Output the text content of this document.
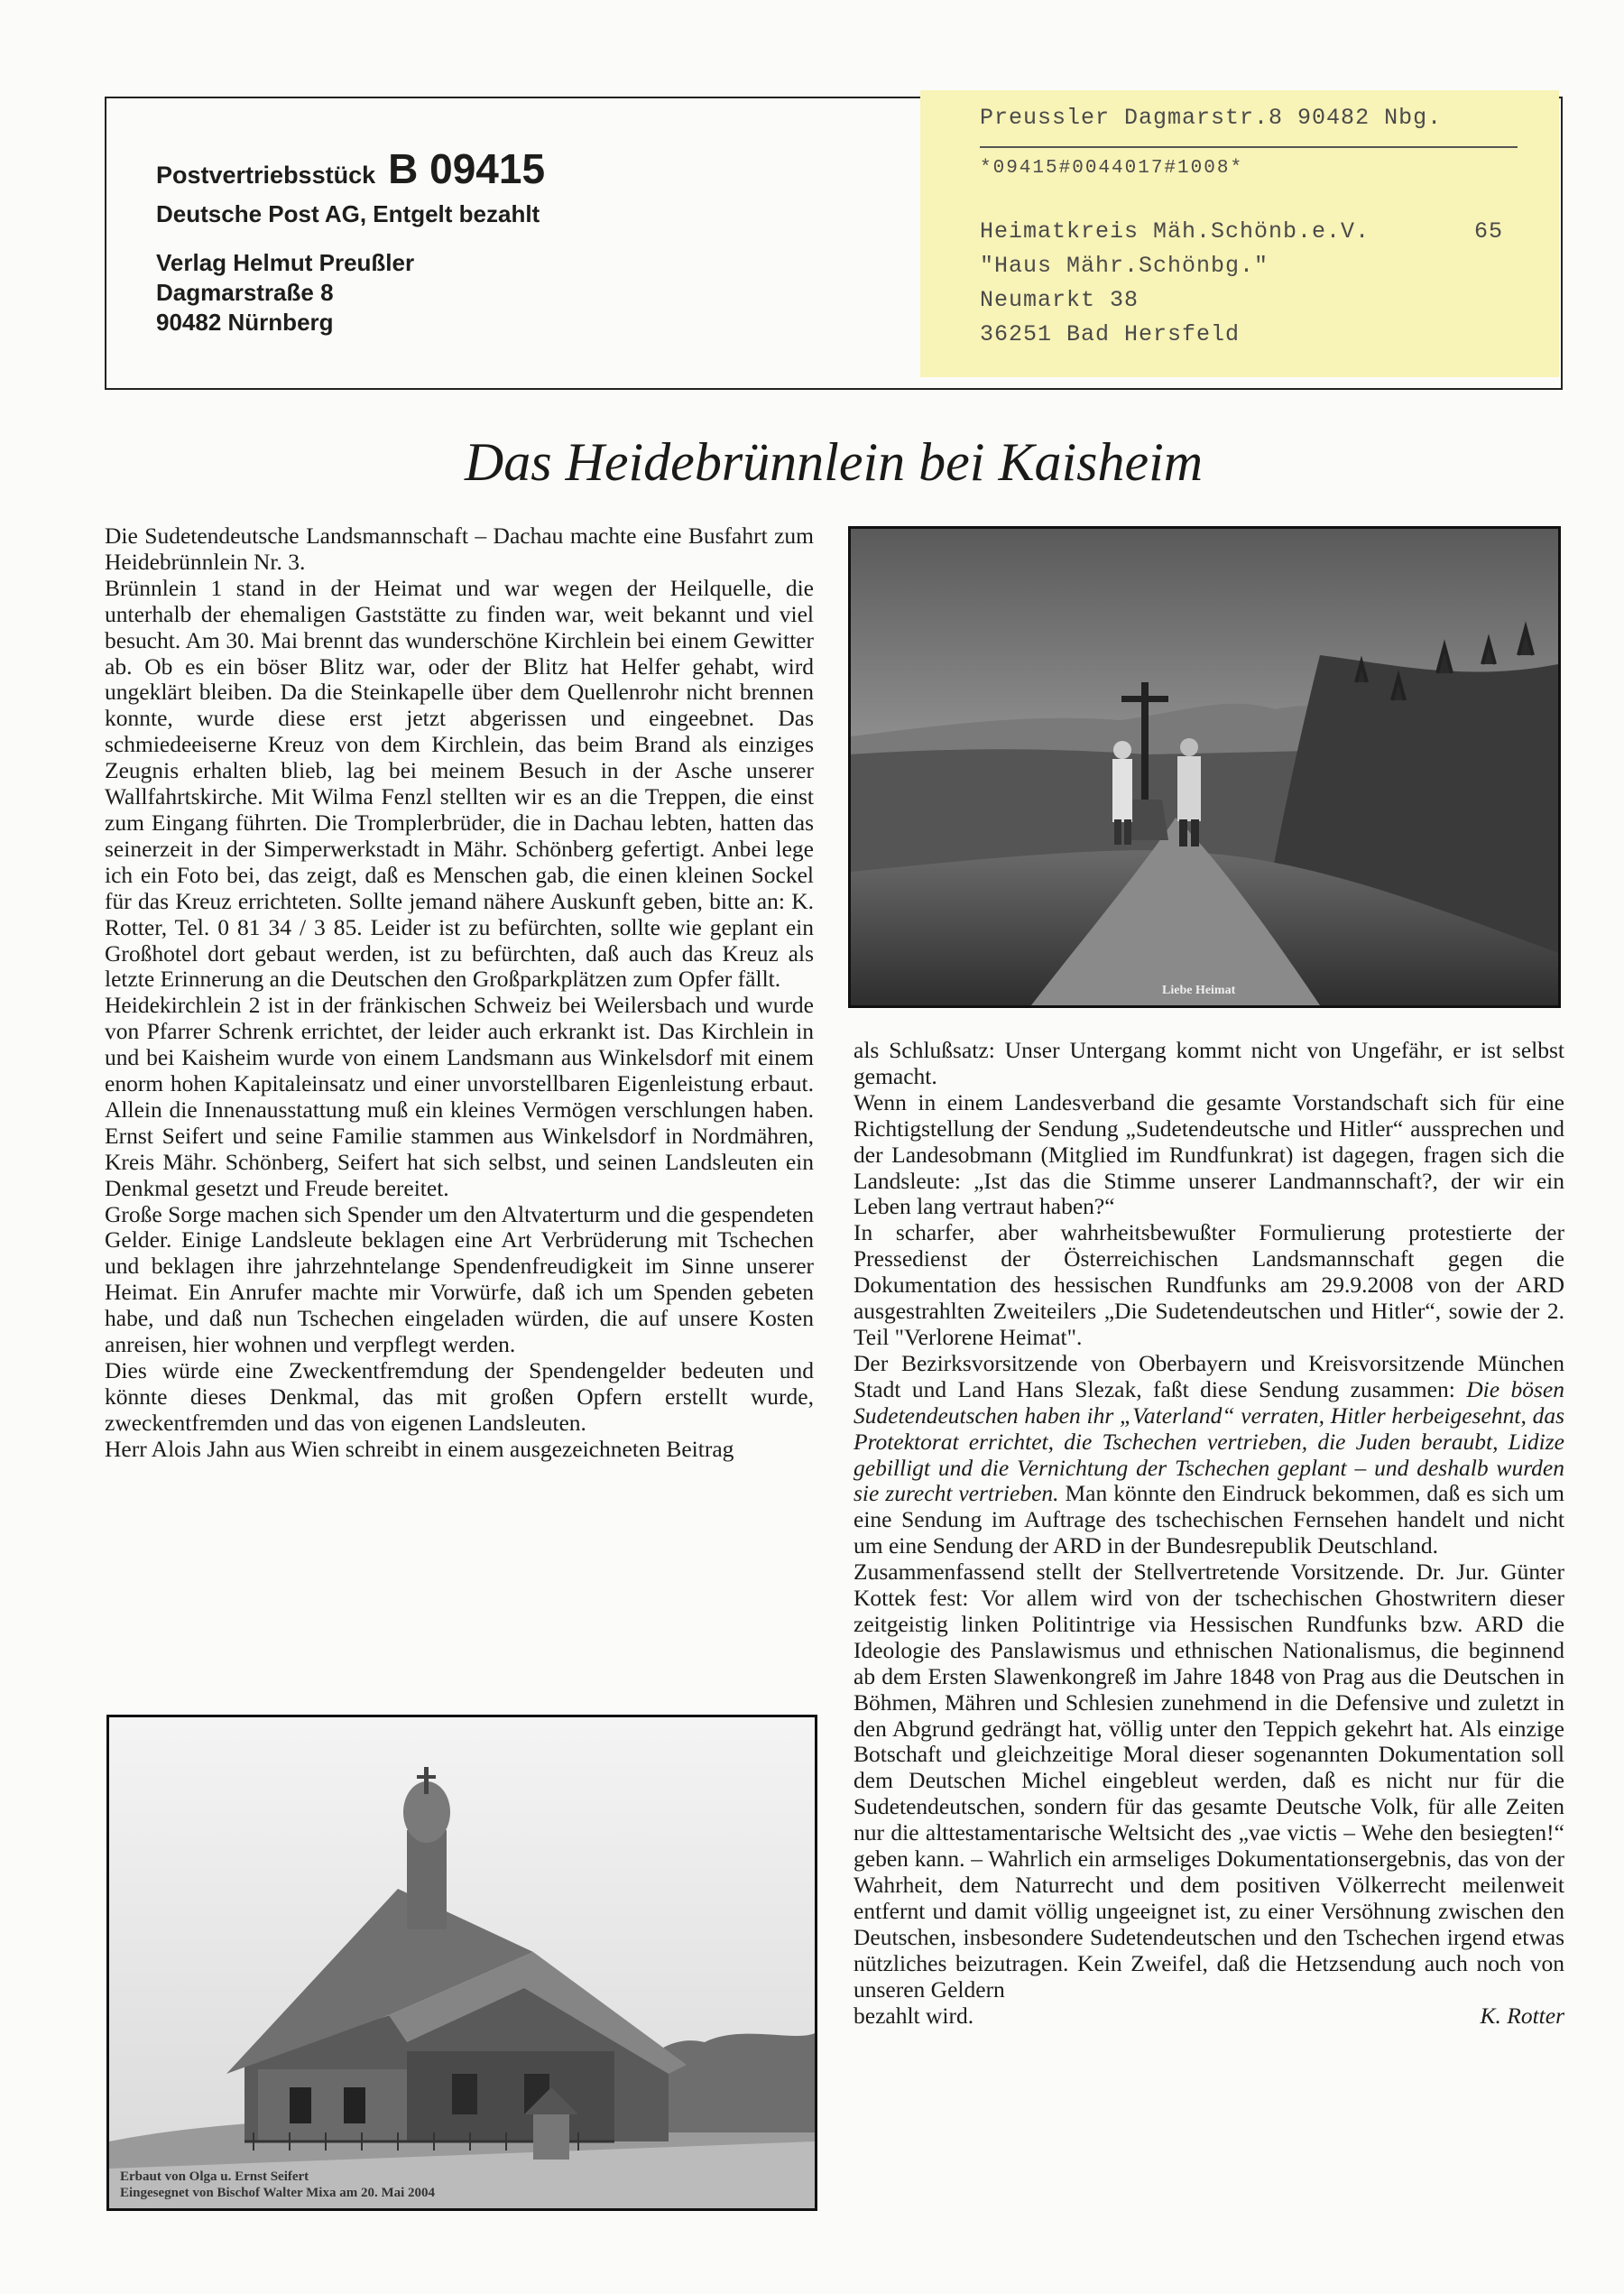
Postvertriebsstück B 09415
Deutsche Post AG, Entgelt bezahlt
Verlag Helmut Preußler
Dagmarstraße 8
90482 Nürnberg
Preussler Dagmarstr.8 90482 Nbg.
*09415#0044017#1008*
Heimatkreis Mäh.Schönb.e.V.	65
"Haus Mähr.Schönbg."
Neumarkt 38
36251 Bad Hersfeld
Das Heidebrünnlein bei Kaisheim

Die Sudetendeutsche Landsmannschaft – Dachau machte eine Busfahrt zum Heidebrünnlein Nr. 3.

Brünnlein 1 stand in der Heimat und war wegen der Heilquelle, die unterhalb der ehemaligen Gaststätte zu finden war, weit bekannt und viel besucht. Am 30. Mai brennt das wunderschöne Kirchlein bei einem Gewitter ab. Ob es ein böser Blitz war, oder der Blitz hat Helfer gehabt, wird ungeklärt bleiben. Da die Steinkapelle über dem Quellenrohr nicht brennen konnte, wurde diese erst jetzt abgerissen und eingeebnet. Das schmiedeeiserne Kreuz von dem Kirchlein, das beim Brand als einziges Zeugnis erhalten blieb, lag bei meinem Besuch in der Asche unserer Wallfahrtskirche. Mit Wilma Fenzl stellten wir es an die Treppen, die einst zum Eingang führten. Die Tromplerbrüder, die in Dachau lebten, hatten das seinerzeit in der Simperwerkstadt in Mähr. Schönberg gefertigt. Anbei lege ich ein Foto bei, das zeigt, daß es Menschen gab, die einen kleinen Sockel für das Kreuz errichteten. Sollte jemand nähere Auskunft geben, bitte an: K. Rotter, Tel. 0 81 34 / 3 85. Leider ist zu befürchten, sollte wie geplant ein Großhotel dort gebaut werden, ist zu befürchten, daß auch das Kreuz als letzte Erinnerung an die Deutschen den Großparkplätzen zum Opfer fällt.

Heidekirchlein 2 ist in der fränkischen Schweiz bei Weilersbach und wurde von Pfarrer Schrenk errichtet, der leider auch erkrankt ist. Das Kirchlein in und bei Kaisheim wurde von einem Landsmann aus Winkelsdorf mit einem enorm hohen Kapitaleinsatz und einer unvorstellbaren Eigenleistung erbaut. Allein die Innenausstattung muß ein kleines Vermögen verschlungen haben. Ernst Seifert und seine Familie stammen aus Winkelsdorf in Nordmähren, Kreis Mähr. Schönberg, Seifert hat sich selbst, und seinen Landsleuten ein Denkmal gesetzt und Freude bereitet.

Große Sorge machen sich Spender um den Altvaterturm und die gespendeten Gelder. Einige Landsleute beklagen eine Art Verbrüderung mit Tschechen und beklagen ihre jahrzehntelange Spendenfreudigkeit im Sinne unserer Heimat. Ein Anrufer machte mir Vorwürfe, daß ich um Spenden gebeten habe, und daß nun Tschechen eingeladen würden, die auf unsere Kosten anreisen, hier wohnen und verpflegt werden.

Dies würde eine Zweckentfremdung der Spendengelder bedeuten und könnte dieses Denkmal, das mit großen Opfern erstellt wurde, zweckentfremden und das von eigenen Landsleuten.

Herr Alois Jahn aus Wien schreibt in einem ausgezeichneten Beitrag

Liebe Heimat

als Schlußsatz: Unser Untergang kommt nicht von Ungefähr, er ist selbst gemacht.

Wenn in einem Landesverband die gesamte Vorstandschaft sich für eine Richtigstellung der Sendung „Sudetendeutsche und Hitler“ aussprechen und der Landesobmann (Mitglied im Rundfunkrat) ist dagegen, fragen sich die Landsleute: „Ist das die Stimme unserer Landmannschaft?, der wir ein Leben lang vertraut haben?“

In scharfer, aber wahrheitsbewußter Formulierung protestierte der Pressedienst der Österreichischen Landsmannschaft gegen die Dokumentation des hessischen Rundfunks am 29.9.2008 von der ARD ausgestrahlten Zweiteilers „Die Sudetendeutschen und Hitler“, sowie der 2. Teil "Verlorene Heimat".

Der Bezirksvorsitzende von Oberbayern und Kreisvorsitzende München Stadt und Land Hans Slezak, faßt diese Sendung zusammen: Die bösen Sudetendeutschen haben ihr „Vaterland“ verraten, Hitler herbeigesehnt, das Protektorat errichtet, die Tschechen vertrieben, die Juden beraubt, Lidize gebilligt und die Vernichtung der Tschechen geplant – und deshalb wurden sie zurecht vertrieben. Man könnte den Eindruck bekommen, daß es sich um eine Sendung im Auftrage des tschechischen Fernsehen handelt und nicht um eine Sendung der ARD in der Bundesrepublik Deutschland.

Zusammenfassend stellt der Stellvertretende Vorsitzende. Dr. Jur. Günter Kottek fest: Vor allem wird von der tschechischen Ghostwritern dieser zeitgeistig linken Politintrige via Hessischen Rundfunks bzw. ARD die Ideologie des Panslawismus und ethnischen Nationalismus, die beginnend ab dem Ersten Slawenkongreß im Jahre 1848 von Prag aus die Deutschen in Böhmen, Mähren und Schlesien zunehmend in die Defensive und zuletzt in den Abgrund gedrängt hat, völlig unter den Teppich gekehrt hat. Als einzige Botschaft und gleichzeitige Moral dieser sogenannten Dokumentation soll dem Deutschen Michel eingebleut werden, daß es nicht nur für die Sudetendeutschen, sondern für das gesamte Deutsche Volk, für alle Zeiten nur die alttestamentarische Weltsicht des „vae victis – Wehe den besiegten!“ geben kann. – Wahrlich ein armseliges Dokumentationsergebnis, das von der Wahrheit, dem Naturrecht und dem positiven Völkerrecht meilenweit entfernt und damit völlig ungeeignet ist, zu einer Versöhnung zwischen den Deutschen, insbesondere Sudetendeutschen und den Tschechen irgend etwas nützliches beizutragen. Kein Zweifel, daß die Hetzsendung auch noch von unseren Geldern

bezahlt wird.	K. Rotter

Erbaut von Olga u. Ernst Seifert
Eingesegnet von Bischof Walter Mixa am 20. Mai 2004
